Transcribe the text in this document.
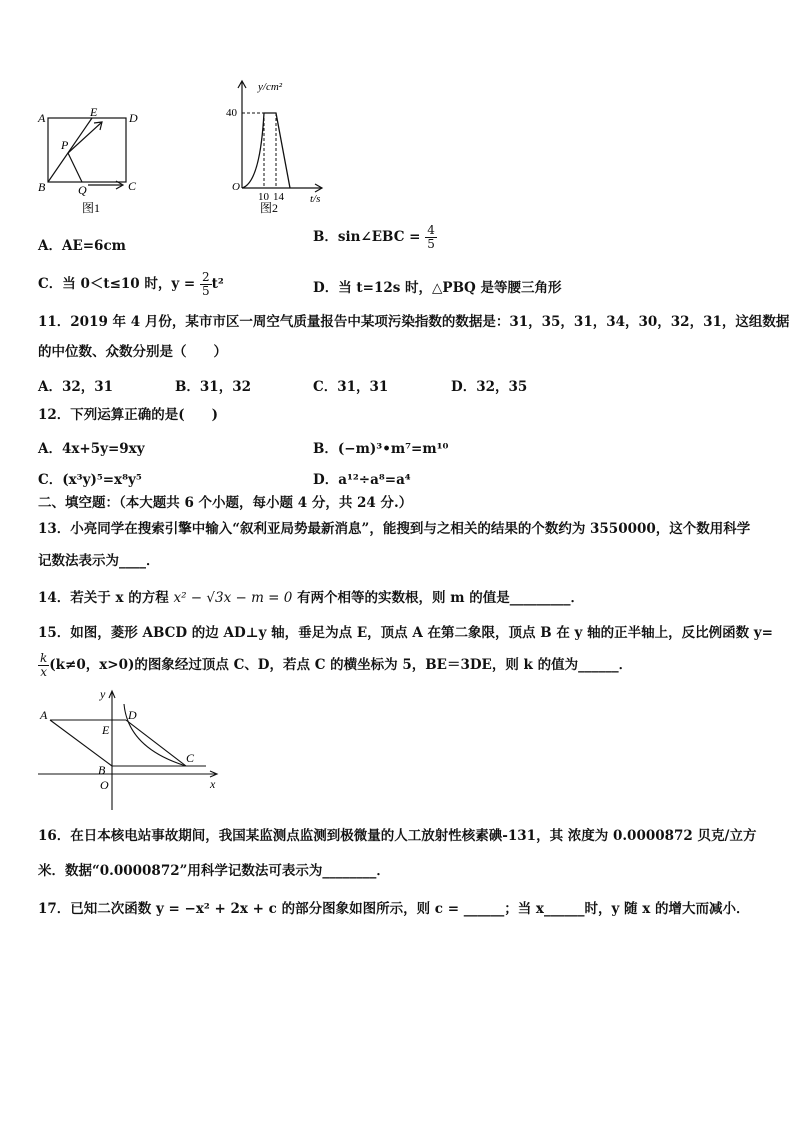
A	E	D
P
B	Q	C
图1
y/cm²
40
O
10 14 t/s
图2
A．AE=6cm
B．sin∠EBC = $\frac{4}{5}$
C．当 0＜t≤10 时，$y = \frac{2}{5} t^2$	D．当 t=12s 时，△PBQ 是等腰三角形
11．2019 年 4 月份，某市市区一周空气质量报告中某项污染指数的数据是：31，35，31，34，30，32，31，这组数据
的中位数、众数分别是（　　）
A．32，31	B．31，32	C．31，31	D．32，35
12．下列运算正确的是(　　)
A．4x+5y=9xy	B．(−m)³•m⁷=m¹⁰
C．(x³y)⁵=x⁸y⁵	D．a¹²÷a⁸=a⁴
二、填空题：（本大题共 6 个小题，每小题 4 分，共 24 分.）
13．小亮同学在搜索引擎中输入“叙利亚局势最新消息”，能搜到与之相关的结果的个数约为 3550000，这个数用科学
记数法表示为____．
14．若关于 x 的方程 x² − √3x − m = 0 有两个相等的实数根，则 m 的值是_________．
15．如图，菱形 ABCD 的边 AD⊥y 轴，垂足为点 E，顶点 A 在第二象限，顶点 B 在 y 轴的正半轴上，反比例函数 y=
$\frac{k}{x} (k\ne 0$，x>0)的图象经过顶点 C、D，若点 C 的横坐标为 5，BE＝3DE，则 k 的值为______．
A	D
E
C
B
O	x
y
16．在日本核电站事故期间，我国某监测点监测到极微量的人工放射性核素碘-131，其 浓度为 0.0000872 贝克/立方
米．数据“0.0000872”用科学记数法可表示为________．
17．已知二次函数 y = −x² + 2x + c 的部分图象如图所示，则 c = ______；当 x______时，y 随 x 的增大而减小．
